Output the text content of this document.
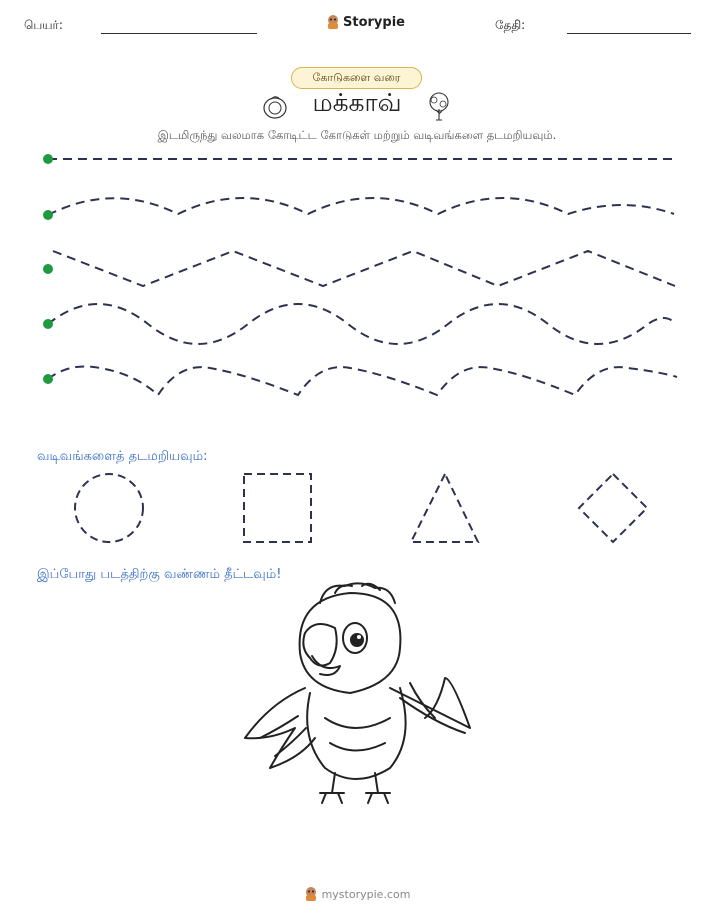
பெயர்:	Storypie	தேதி:
கோடுகளை வரை
மக்காவ்
இடமிருந்து வலமாக கோடிட்ட கோடுகள் மற்றும் வடிவங்களை தடமறியவும்.
வடிவங்களைத் தடமறியவும்:
இப்போது படத்திற்கு வண்ணம் தீட்டவும்!
mystorypie.com
